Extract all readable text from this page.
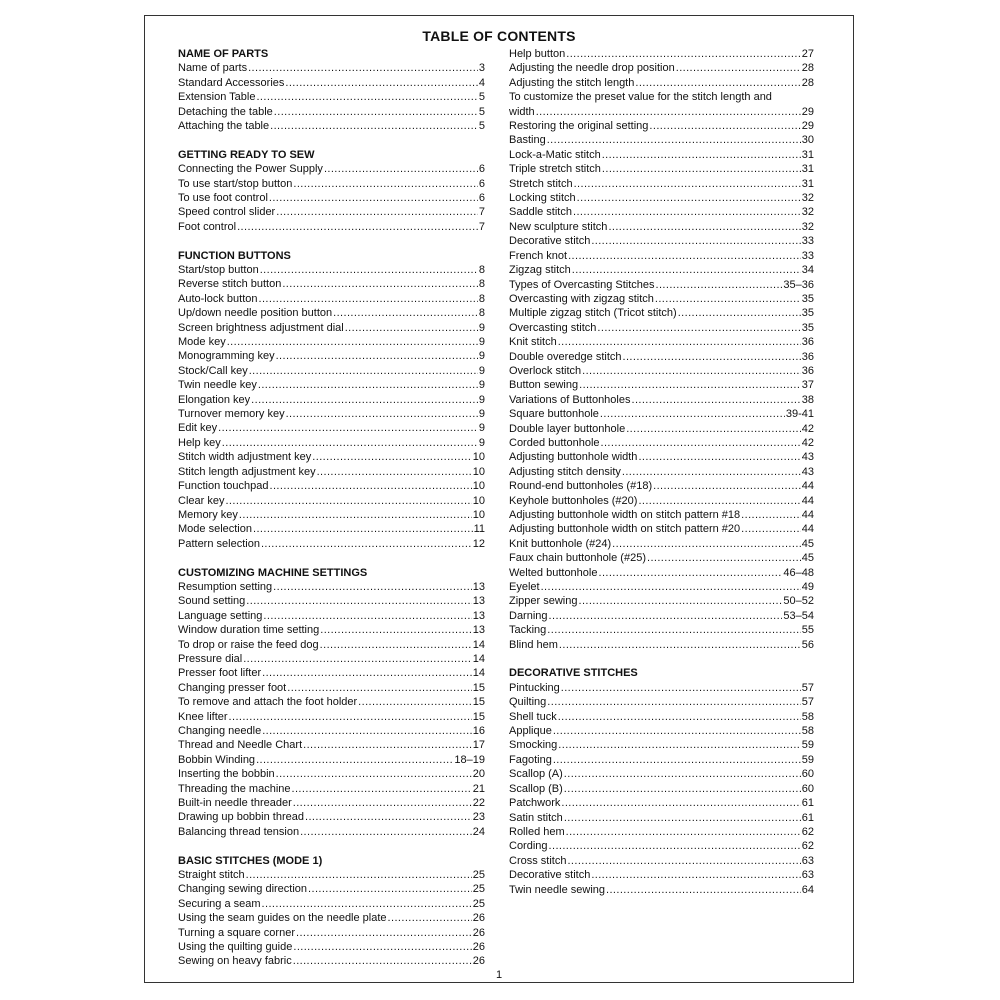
TABLE OF CONTENTS
NAME OF PARTS
Name of parts .....	3
Standard Accessories .....	4
Extension Table .....	5
Detaching the table .....	5
Attaching the table .....	5
GETTING READY TO SEW
Connecting the Power Supply .....	6
To use start/stop button .....	6
To use foot control .....	6
Speed control slider .....	7
Foot control .....	7
FUNCTION BUTTONS
Start/stop button .....	8
Reverse stitch button .....	8
Auto-lock button .....	8
Up/down needle position button .....	8
Screen brightness adjustment dial .....	9
Mode key .....	9
Monogramming key .....	9
Stock/Call key .....	9
Twin needle key .....	9
Elongation key .....	9
Turnover memory key .....	9
Edit key .....	9
Help key .....	9
Stitch width adjustment key .....	10
Stitch length adjustment key .....	10
Function touchpad .....	10
Clear key .....	10
Memory key .....	10
Mode selection .....	11
Pattern selection .....	12
CUSTOMIZING MACHINE SETTINGS
Resumption setting .....	13
Sound setting .....	13
Language setting .....	13
Window duration time setting .....	13
To drop or raise the feed dog .....	14
Pressure dial .....	14
Presser foot lifter .....	14
Changing presser foot .....	15
To remove and attach the foot holder .....	15
Knee lifter .....	15
Changing needle .....	16
Thread and Needle Chart .....	17
Bobbin Winding .....	18–19
Inserting the bobbin .....	20
Threading the machine .....	21
Built-in needle threader .....	22
Drawing up bobbin thread .....	23
Balancing thread tension .....	24
BASIC STITCHES (MODE 1)
Straight stitch .....	25
Changing sewing direction .....	25
Securing a seam .....	25
Using the seam guides on the needle plate .....	26
Turning a square corner .....	26
Using the quilting guide .....	26
Sewing on heavy fabric .....	26
Help button .....	27
Adjusting the needle drop position .....	28
Adjusting the stitch length .....	28
To customize the preset value for the stitch length and
width .....	29
Restoring the original setting .....	29
Basting .....	30
Lock-a-Matic stitch .....	31
Triple stretch stitch .....	31
Stretch stitch .....	31
Locking stitch .....	32
Saddle stitch .....	32
New sculpture stitch .....	32
Decorative stitch .....	33
French knot .....	33
Zigzag stitch .....	34
Types of Overcasting Stitches .....	35–36
Overcasting with zigzag stitch .....	35
Multiple zigzag stitch (Tricot stitch) .....	35
Overcasting stitch .....	35
Knit stitch .....	36
Double overedge stitch .....	36
Overlock stitch .....	36
Button sewing .....	37
Variations of Buttonholes .....	38
Square buttonhole .....	39-41
Double layer buttonhole .....	42
Corded buttonhole .....	42
Adjusting buttonhole width .....	43
Adjusting stitch density .....	43
Round-end buttonholes (#18) .....	44
Keyhole buttonholes (#20) .....	44
Adjusting buttonhole width on stitch pattern #18 .....	44
Adjusting buttonhole width on stitch pattern #20 .....	44
Knit buttonhole (#24) .....	45
Faux chain buttonhole (#25) .....	45
Welted buttonhole .....	46–48
Eyelet .....	49
Zipper sewing .....	50–52
Darning .....	53–54
Tacking .....	55
Blind hem .....	56
DECORATIVE STITCHES
Pintucking .....	57
Quilting .....	57
Shell tuck .....	58
Applique .....	58
Smocking .....	59
Fagoting .....	59
Scallop (A) .....	60
Scallop (B) .....	60
Patchwork .....	61
Satin stitch .....	61
Rolled hem .....	62
Cording .....	62
Cross stitch .....	63
Decorative stitch .....	63
Twin needle sewing .....	64
1
